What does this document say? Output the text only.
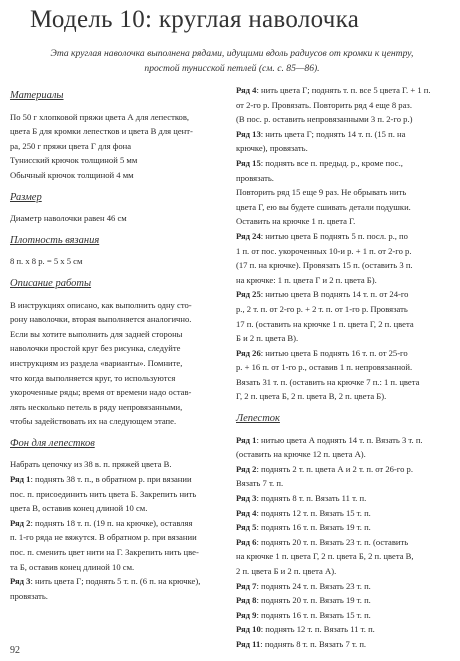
Модель 10: круглая наволочка
Эта круглая наволочка выполнена рядами, идущими вдоль радиусов от кромки к центру,
простой тунисской петлей (см. с. 85—86).
Материалы
По 50 г хлопковой пряжи цвета А для лепестков,
цвета Б для кромки лепестков и цвета В для цент-
ра, 250 г пряжи цвета Г для фона
Тунисский крючок толщиной 5 мм
Обычный крючок толщиной 4 мм
Размер
Диаметр наволочки равен 46 см
Плотность вязания
8 п. х 8 р. = 5 х 5 см
Описание работы
В инструкциях описано, как выполнить одну сто-
рону наволочки, вторая выполняется аналогично.
Если вы хотите выполнить для задней стороны
наволочки простой круг без рисунка, следуйте
инструкциям из раздела «варианты». Помните,
что когда выполняется круг, то используются
укороченные ряды; время от времени надо остав-
лять несколько петель в ряду непровязанными,
чтобы задействовать их на следующем этапе.
Фон для лепестков
Набрать цепочку из 38 в. п. пряжей цвета В.
Ряд 1: поднять 38 т. п., в обратном р. при вязании
пос. п. присоединить нить цвета Б. Закрепить нить
цвета В, оставив конец длиной 10 см.
Ряд 2: поднять 18 т. п. (19 п. на крючке), оставляя
п. 1-го ряда не вяжутся. В обратном р. при вязании
пос. п. сменить цвет нити на Г. Закрепить нить цве-
та Б, оставив конец длиной 10 см.
Ряд 3: нить цвета Г; поднять 5 т. п. (6 п. на крючке),
провязать.
Ряд 4: нить цвета Г; поднять т. п. все 5 цвета Г. + 1 п.
от 2-го р. Провязать. Повторить ряд 4 еще 8 раз.
(В пос. р. оставить непровязанными 3 п. 2-го р.)
Ряд 13: нить цвета Г; поднять 14 т. п. (15 п. на
крючке), провязать.
Ряд 15: поднять все п. предыд. р., кроме пос.,
провязать.
Повторить ряд 15 еще 9 раз. Не обрывать нить
цвета Г, ею вы будете сшивать детали подушки.
Оставить на крючке 1 п. цвета Г.
Ряд 24: нитью цвета Б поднять 5 п. посл. р., по
1 п. от пос. укороченных 10-и р. + 1 п. от 2-го р.
(17 п. на крючке). Провязать 15 п. (оставить 3 п.
на крючке: 1 п. цвета Г и 2 п. цвета Б).
Ряд 25: нитью цвета В поднять 14 т. п. от 24-го
р., 2 т. п. от 2-го р. + 2 т. п. от 1-го р. Провязать
17 п. (оставить на крючке 1 п. цвета Г, 2 п. цвета
Б и 2 п. цвета В).
Ряд 26: нитью цвета Б поднять 16 т. п. от 25-го
р. + 16 п. от 1-го р., оставив 1 п. непровязанной.
Вязать 31 т. п. (оставить на крючке 7 п.: 1 п. цвета
Г, 2 п. цвета Б, 2 п. цвета В, 2 п. цвета Б).
Лепесток
Ряд 1: нитью цвета А поднять 14 т. п. Вязать 3 т. п.
(оставить на крючке 12 п. цвета А).
Ряд 2: поднять 2 т. п. цвета А и 2 т. п. от 26-го р.
Вязать 7 т. п.
Ряд 3: поднять 8 т. п. Вязать 11 т. п.
Ряд 4: поднять 12 т. п. Вязать 15 т. п.
Ряд 5: поднять 16 т. п. Вязать 19 т. п.
Ряд 6: поднять 20 т. п. Вязать 23 т. п. (оставить
на крючке 1 п. цвета Г, 2 п. цвета Б, 2 п. цвета В,
2 п. цвета Б и 2 п. цвета А).
Ряд 7: поднять 24 т. п. Вязать 23 т. п.
Ряд 8: поднять 20 т. п. Вязать 19 т. п.
Ряд 9: поднять 16 т. п. Вязать 15 т. п.
Ряд 10: поднять 12 т. п. Вязать 11 т. п.
Ряд 11: поднять 8 т. п. Вязать 7 т. п.
92
